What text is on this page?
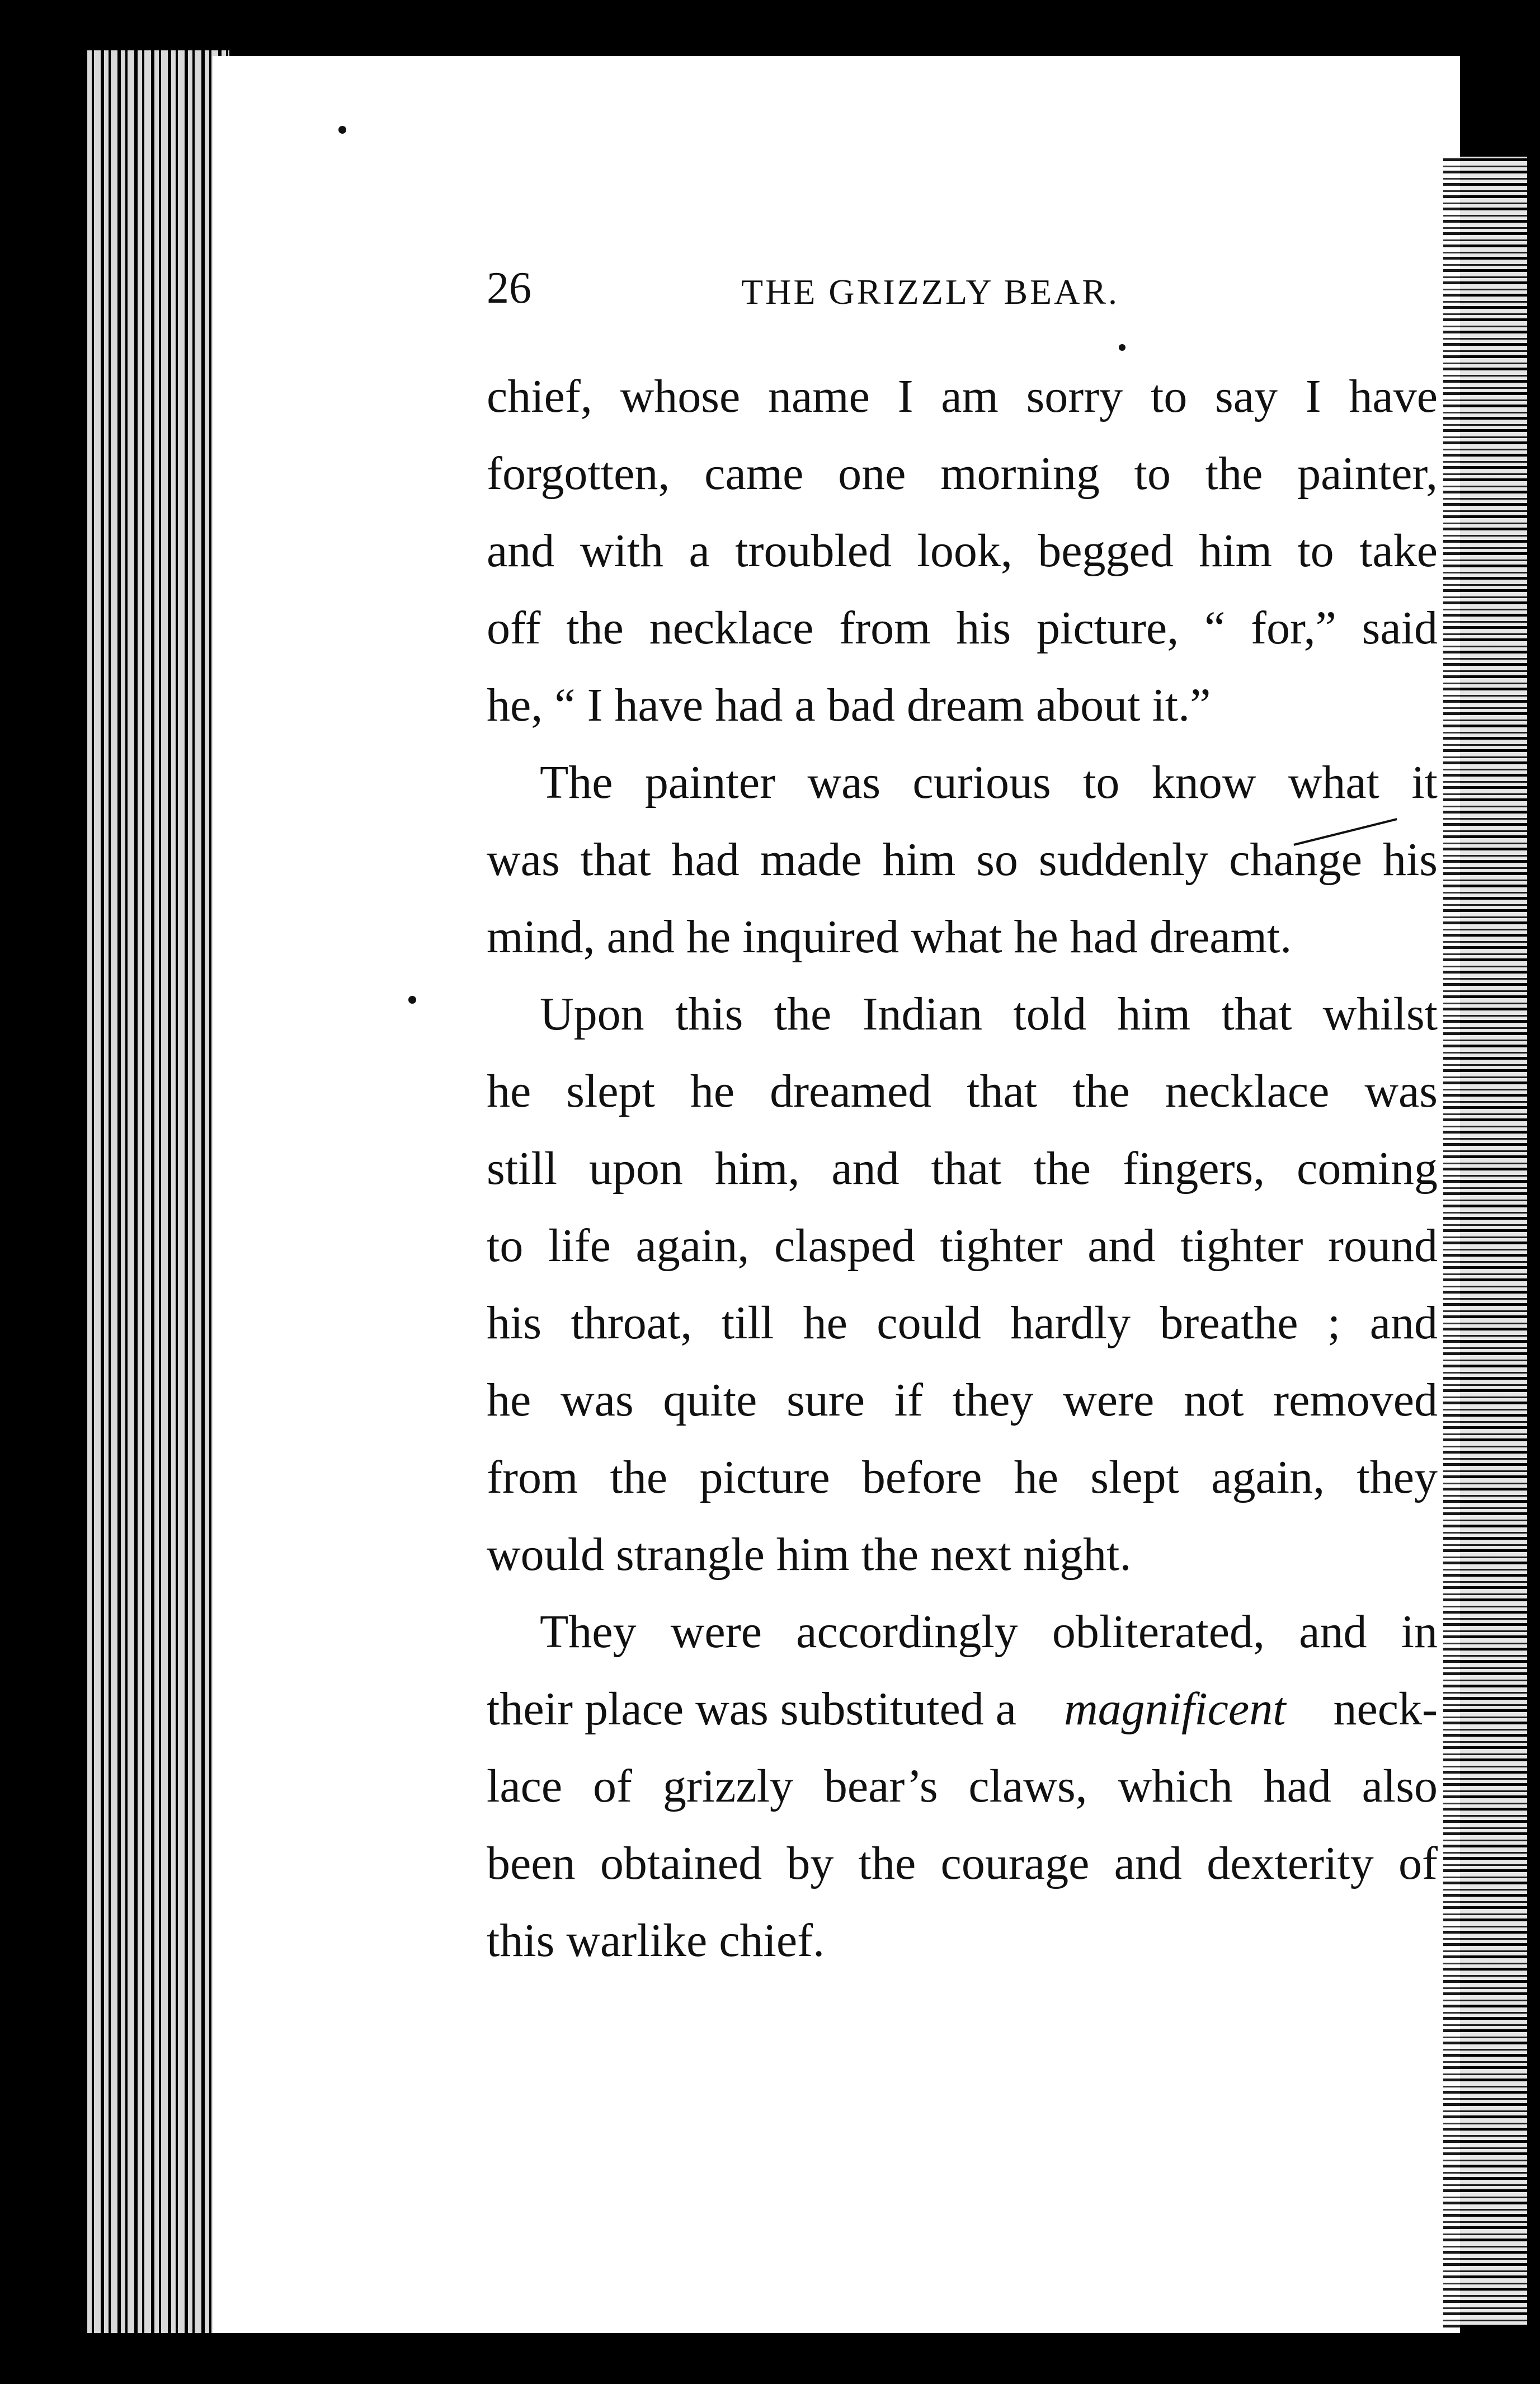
26	THE GRIZZLY BEAR.
chief, whose name I am sorry to say I have
forgotten, came one morning to the painter,
and with a troubled look, begged him to take
off the necklace from his picture, “ for,” said
he, “ I have had a bad dream about it.”
The painter was curious to know what it
was that had made him so suddenly change his
mind, and he inquired what he had dreamt.
Upon this the Indian told him that whilst
he slept he dreamed that the necklace was
still upon him, and that the fingers, coming
to life again, clasped tighter and tighter round
his throat, till he could hardly breathe ; and
he was quite sure if they were not removed
from the picture before he slept again, they
would strangle him the next night.
They were accordingly obliterated, and in
their place was substituted a magnificent neck-
lace of grizzly bear’s claws, which had also
been obtained by the courage and dexterity of
this warlike chief.
